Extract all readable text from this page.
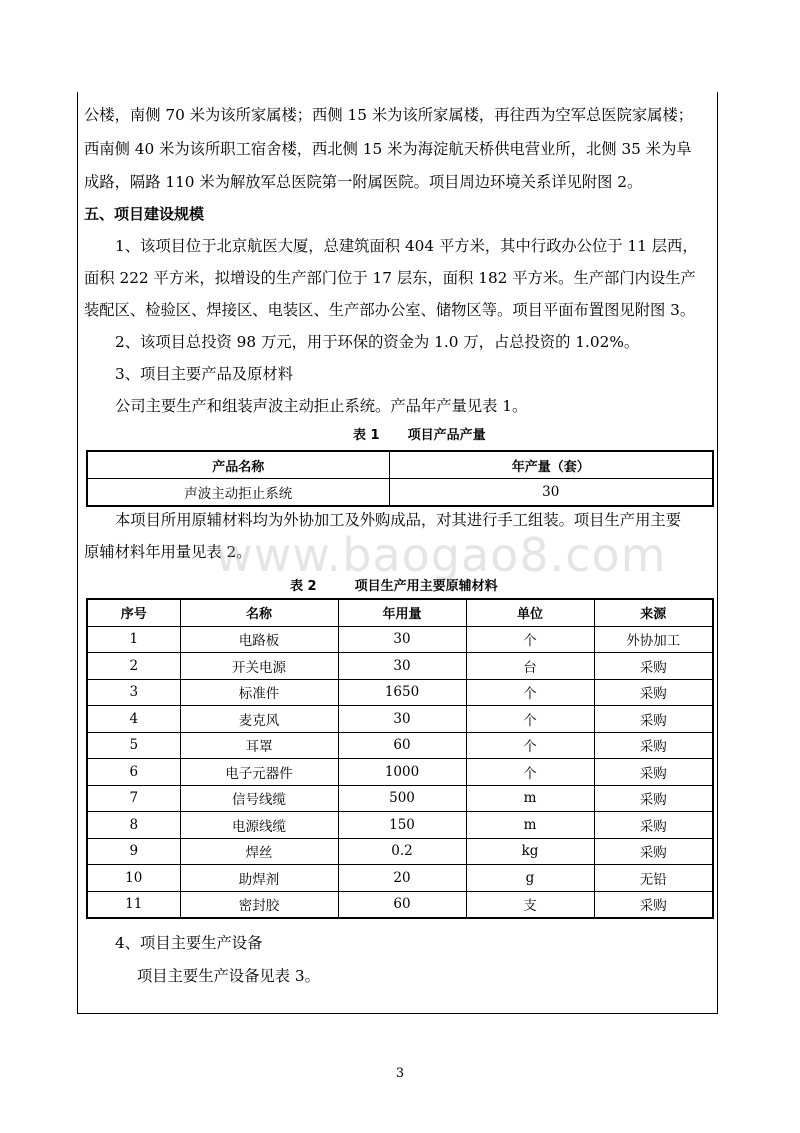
公楼，南侧 70 米为该所家属楼；西侧 15 米为该所家属楼，再往西为空军总医院家属楼；
西南侧 40 米为该所职工宿舍楼，西北侧 15 米为海淀航天桥供电营业所，北侧 35 米为阜
成路，隔路 110 米为解放军总医院第一附属医院。项目周边环境关系详见附图 2。
五、项目建设规模
1、该项目位于北京航医大厦，总建筑面积 404 平方米，其中行政办公位于 11 层西，
面积 222 平方米，拟增设的生产部门位于 17 层东，面积 182 平方米。生产部门内设生产
装配区、检验区、焊接区、电装区、生产部办公室、储物区等。项目平面布置图见附图 3。
2、该项目总投资 98 万元，用于环保的资金为 1.0 万，占总投资的 1.02%。
3、项目主要产品及原材料
公司主要生产和组装声波主动拒止系统。产品年产量见表 1。
表 1 项目产品产量
产品名称	年产量（套）
声波主动拒止系统	30
本项目所用原辅材料均为外协加工及外购成品，对其进行手工组装。项目生产用主要
原辅材料年用量见表 2。
www.baogao8.com
表 2	项目生产用主要原辅材料
序号	名称	年用量	单位	来源
1	电路板	30	个	外协加工
2	开关电源	30	台	采购
3	标准件	1650	个	采购
4	麦克风	30	个	采购
5	耳罩	60	个	采购
6	电子元器件	1000	个	采购
7	信号线缆	500	m	采购
8	电源线缆	150	m	采购
9	焊丝	0.2	kg	采购
10	助焊剂	20	g	无铅
11	密封胶	60	支	采购
4、项目主要生产设备
项目主要生产设备见表 3。
3
